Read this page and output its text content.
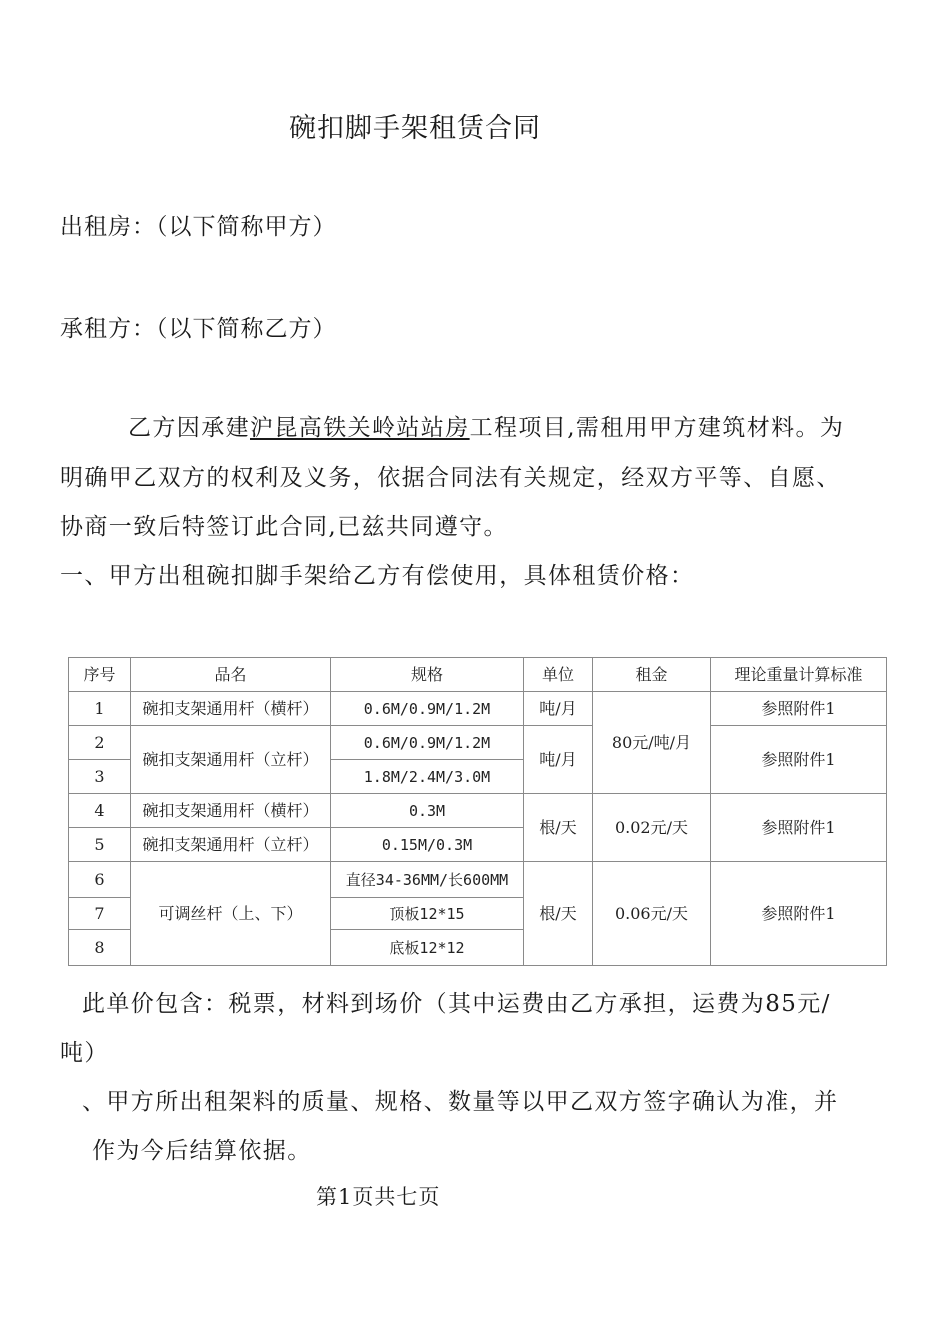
碗扣脚手架租赁合同
出租房：（以下简称甲方）
承租方：（以下简称乙方）
乙方因承建沪昆高铁关岭站站房工程项目,需租用甲方建筑材料。为
明确甲乙双方的权利及义务，依据合同法有关规定，经双方平等、自愿、
协商一致后特签订此合同,已兹共同遵守。
一、甲方出租碗扣脚手架给乙方有偿使用，具体租赁价格：
序号	品名	规格	单位	租金	理论重量计算标准
1	碗扣支架通用杆（横杆）	0.6M/0.9M/1.2M	吨/月	80元/吨/月	参照附件1
2	碗扣支架通用杆（立杆）	0.6M/0.9M/1.2M	吨/月		参照附件1
3		1.8M/2.4M/3.0M			
4	碗扣支架通用杆（横杆）	0.3M	根/天	0.02元/天	参照附件1
5	碗扣支架通用杆（立杆）	0.15M/0.3M			
6	可调丝杆（上、下）	直径34-36MM/长600MM	根/天	0.06元/天	参照附件1
7		顶板12*15			
8		底板12*12			
此单价包含：税票，材料到场价（其中运费由乙方承担，运费为85元/
吨）
、甲方所出租架料的质量、规格、数量等以甲乙双方签字确认为准，并
作为今后结算依据。
第1页共七页
